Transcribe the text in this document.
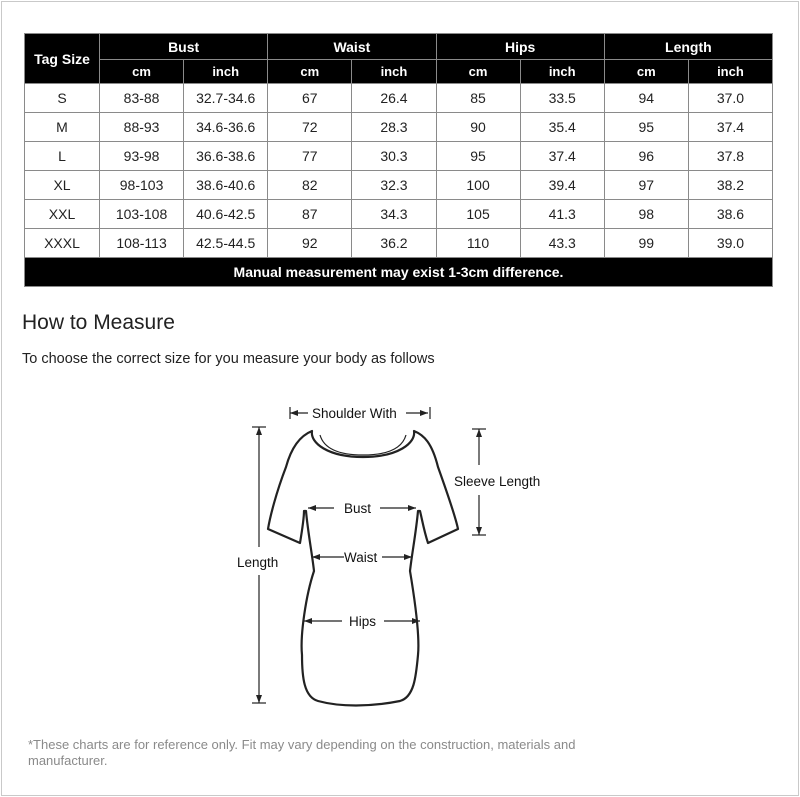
Tag Size	Bust		Waist		Hips		Length	
	cm	inch	cm	inch	cm	inch	cm	inch
S	83-88	32.7-34.6	67	26.4	85	33.5	94	37.0
M	88-93	34.6-36.6	72	28.3	90	35.4	95	37.4
L	93-98	36.6-38.6	77	30.3	95	37.4	96	37.8
XL	98-103	38.6-40.6	82	32.3	100	39.4	97	38.2
XXL	103-108	40.6-42.5	87	34.3	105	41.3	98	38.6
XXXL	108-113	42.5-44.5	92	36.2	110	43.3	99	39.0
Manual measurement may exist 1-3cm difference.								
How to Measure
To choose the correct size for you measure your body as follows
Shoulder With
Sleeve Length
Bust
Waist
Hips
Length
*These charts are for reference only. Fit may vary depending on the construction, materials and manufacturer.
